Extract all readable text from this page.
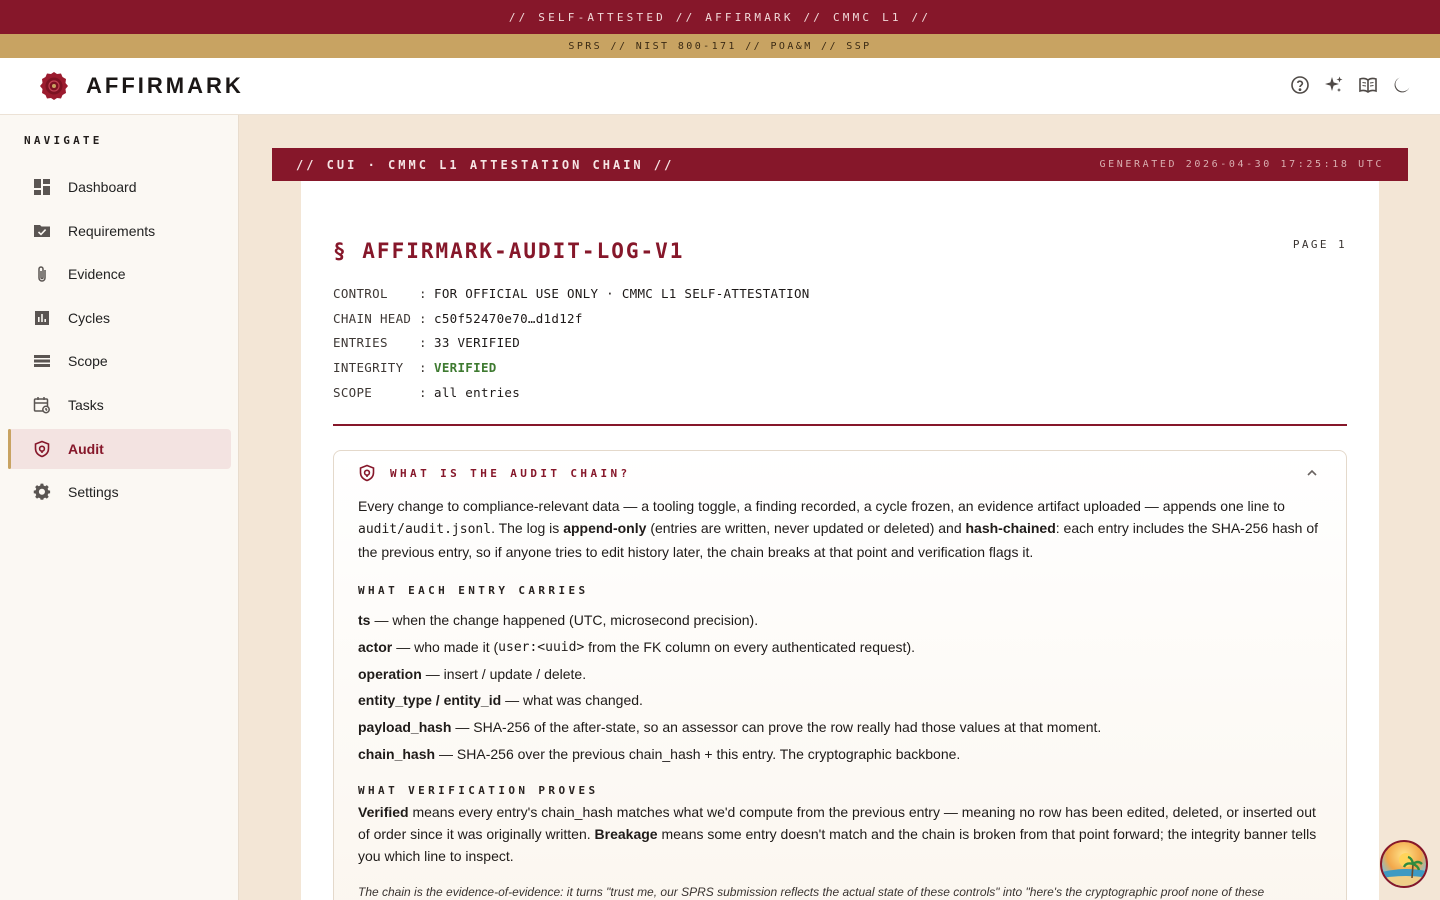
// SELF-ATTESTED // AFFIRMARK // CMMC L1 //
SPRS // NIST 800-171 // POA&M // SSP
AFFIRMARK
NAVIGATE
Dashboard
Requirements
Evidence
Cycles
Scope
Tasks
Audit
Settings
// CUI · CMMC L1 ATTESTATION CHAIN //	GENERATED 2026-04-30 17:25:18 UTC
§ AFFIRMARK-AUDIT-LOG-V1	PAGE 1
CONTROL	: FOR OFFICIAL USE ONLY · CMMC L1 SELF-ATTESTATION
CHAIN HEAD : c50f52470e70…d1d12f
ENTRIES	: 33 VERIFIED
INTEGRITY	: VERIFIED
SCOPE	: all entries
WHAT IS THE AUDIT CHAIN?

Every change to compliance-relevant data — a tooling toggle, a finding recorded, a cycle frozen, an evidence artifact uploaded — appends one line to audit/audit.jsonl. The log is append-only (entries are written, never updated or deleted) and hash-chained: each entry includes the SHA-256 hash of the previous entry, so if anyone tries to edit history later, the chain breaks at that point and verification flags it.

WHAT EACH ENTRY CARRIES
ts — when the change happened (UTC, microsecond precision).
actor — who made it ( user:<uuid>
from the FK column on every authenticated request).
operation — insert / update / delete.
entity_type / entity_id — what was changed.
payload_hash — SHA-256 of the after-state, so an assessor can prove the row really had those values at that moment.
chain_hash — SHA-256 over the previous chain_hash + this entry. The cryptographic backbone.
WHAT VERIFICATION PROVES

Verified means every entry's chain_hash matches what we'd compute from the previous entry — meaning no row has been edited, deleted, or inserted out of order since it was originally written. Breakage means some entry doesn't match and the chain is broken from that point forward; the integrity banner tells you which line to inspect.

The chain is the evidence-of-evidence: it turns "trust me, our SPRS submission reflects the actual state of these controls" into "here's the cryptographic proof none of these
